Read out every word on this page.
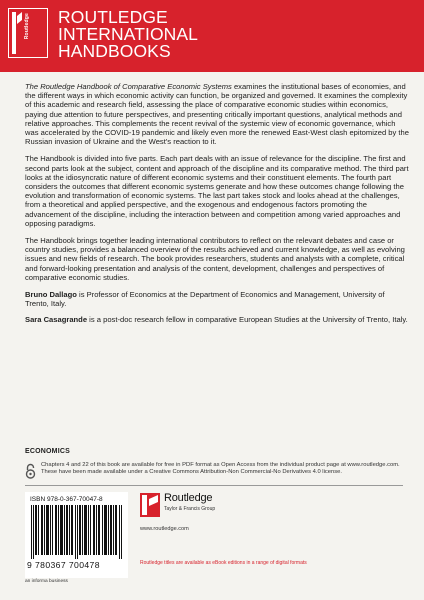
Routledge ROUTLEDGE
INTERNATIONAL
HANDBOOKS

The Routledge Handbook of Comparative Economic Systems examines the institutional bases of economies, and the different ways in which economic activity can function, be organized and governed. It examines the complexity of this academic and research field, assessing the place of comparative economic studies within economics, paying due attention to future perspectives, and presenting critically important questions, analytical methods and relative approaches. This complements the recent revival of the systemic view of economic governance, which was accelerated by the COVID-19 pandemic and likely even more the renewed East-West clash epitomized by the Russian invasion of Ukraine and the West's reaction to it.

The Handbook is divided into five parts. Each part deals with an issue of relevance for the discipline. The first and second parts look at the subject, content and approach of the discipline and its comparative method. The third part looks at the idiosyncratic nature of different economic systems and their constituent elements. The fourth part considers the outcomes that different economic systems generate and how these outcomes change following the evolution and transformation of economic systems. The last part takes stock and looks ahead at the challenges, from a theoretical and applied perspective, and the exogenous and endogenous factors promoting the advancement of the discipline, including the interaction between and competition among varied approaches and opposing paradigms.

The Handbook brings together leading international contributors to reflect on the relevant debates and case or country studies, provides a balanced overview of the results achieved and current knowledge, as well as evolving issues and new fields of research. The book provides researchers, students and analysts with a complete, critical and forward-looking presentation and analysis of the content, development, challenges and perspectives of comparative economic studies.

Bruno Dallago is Professor of Economics at the Department of Economics and Management, University of Trento, Italy.

Sara Casagrande is a post-doc research fellow in comparative European Studies at the University of Trento, Italy.

ECONOMICS
Chapters 4 and 22 of this book are available for free in PDF format as Open Access from the individual product page at www.routledge.com. These have been made available under a Creative Commons Attribution-Non Commercial-No Derivatives 4.0 license.
ISBN 978-0-367-70047-8
9 780367 700478
an informa business
Routledge
Taylor & Francis Group
www.routledge.com
Routledge titles are available as eBook editions in a range of digital formats
